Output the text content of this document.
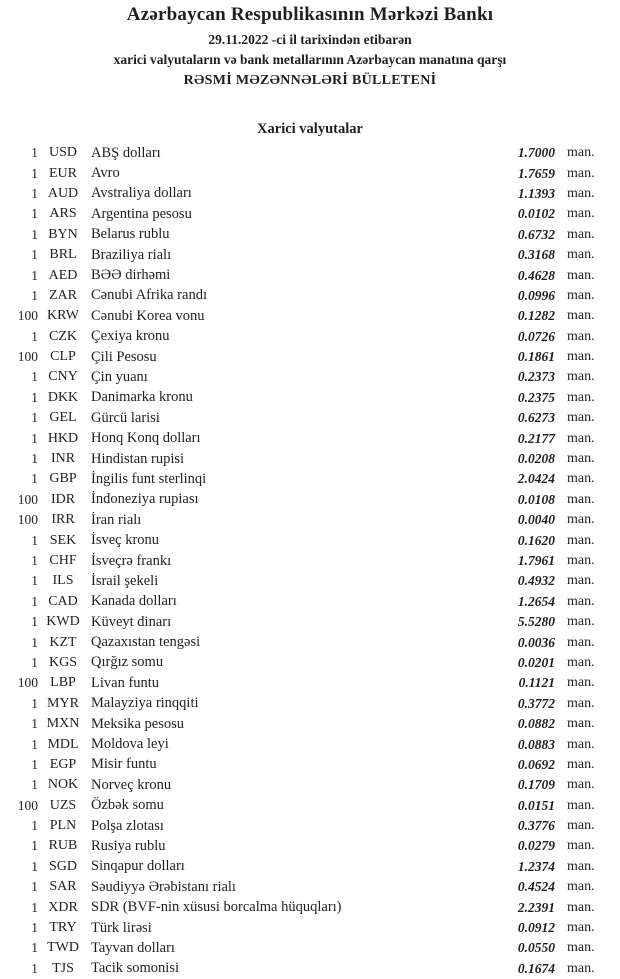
Azərbaycan Respublikasının Mərkəzi Bankı
29.11.2022 -ci il tarixindən etibarən
xarici valyutaların və bank metallarının Azərbaycan manatına qarşı
RƏSMİ MƏZƏNNƏLƏRİ BÜLLETENİ
Xarici valyutalar
1 USD ABŞ dolları	1.7000 man.
1 EUR Avro	1.7659 man.
1 AUD Avstraliya dolları	1.1393 man.
1 ARS Argentina pesosu	0.0102 man.
1 BYN Belarus rublu	0.6732 man.
1 BRL Braziliya rialı	0.3168 man.
1 AED BƏƏ dirhəmi	0.4628 man.
1 ZAR Cənubi Afrika randı	0.0996 man.
100 KRW Cənubi Korea vonu	0.1282 man.
1 CZK Çexiya kronu	0.0726 man.
100 CLP	Çili Pesosu	0.1861 man.
1 CNY Çin yuanı	0.2373 man.
1 DKK Danimarka kronu	0.2375 man.
1 GEL Gürcü larisi	0.6273 man.
1 HKD Honq Konq dolları	0.2177 man.
1 INR	Hindistan rupisi	0.0208 man.
1 GBP İngilis funt sterlinqi	2.0424 man.
100 IDR	İndoneziya rupiası	0.0108 man.
100 IRR	İran rialı	0.0040 man.
1 SEK	İsveç kronu	0.1620 man.
1 CHF İsveçrə frankı	1.7961 man.
1	ILS	İsrail şekeli	0.4932 man.
1 CAD Kanada dolları	1.2654 man.
1 KWD Küveyt dinarı	5.5280 man.
1 KZT Qazaxıstan tengəsi	0.0036 man.
1 KGS Qırğız somu	0.0201 man.
100 LBP	Livan funtu	0.1121 man.
1 MYR Malayziya rinqqiti	0.3772 man.
1 MXN Meksika pesosu	0.0882 man.
1 MDL Moldova leyi	0.0883 man.
1 EGP	Misir funtu	0.0692 man.
1 NOK Norveç kronu	0.1709 man.
100 UZS	Özbək somu	0.0151 man.
1 PLN	Polşa zlotası	0.3776 man.
1 RUB Rusiya rublu	0.0279 man.
1 SGD Sinqapur dolları	1.2374 man.
1 SAR Səudiyyə Ərəbistanı rialı	0.4524 man.
1 XDR SDR (BVF-nin xüsusi borcalma hüquqları)	2.2391 man.
1 TRY Türk lirəsi	0.0912 man.
1 TWD Tayvan dolları	0.0550 man.
1	TJS	Tacik somonisi	0.1674 man.
